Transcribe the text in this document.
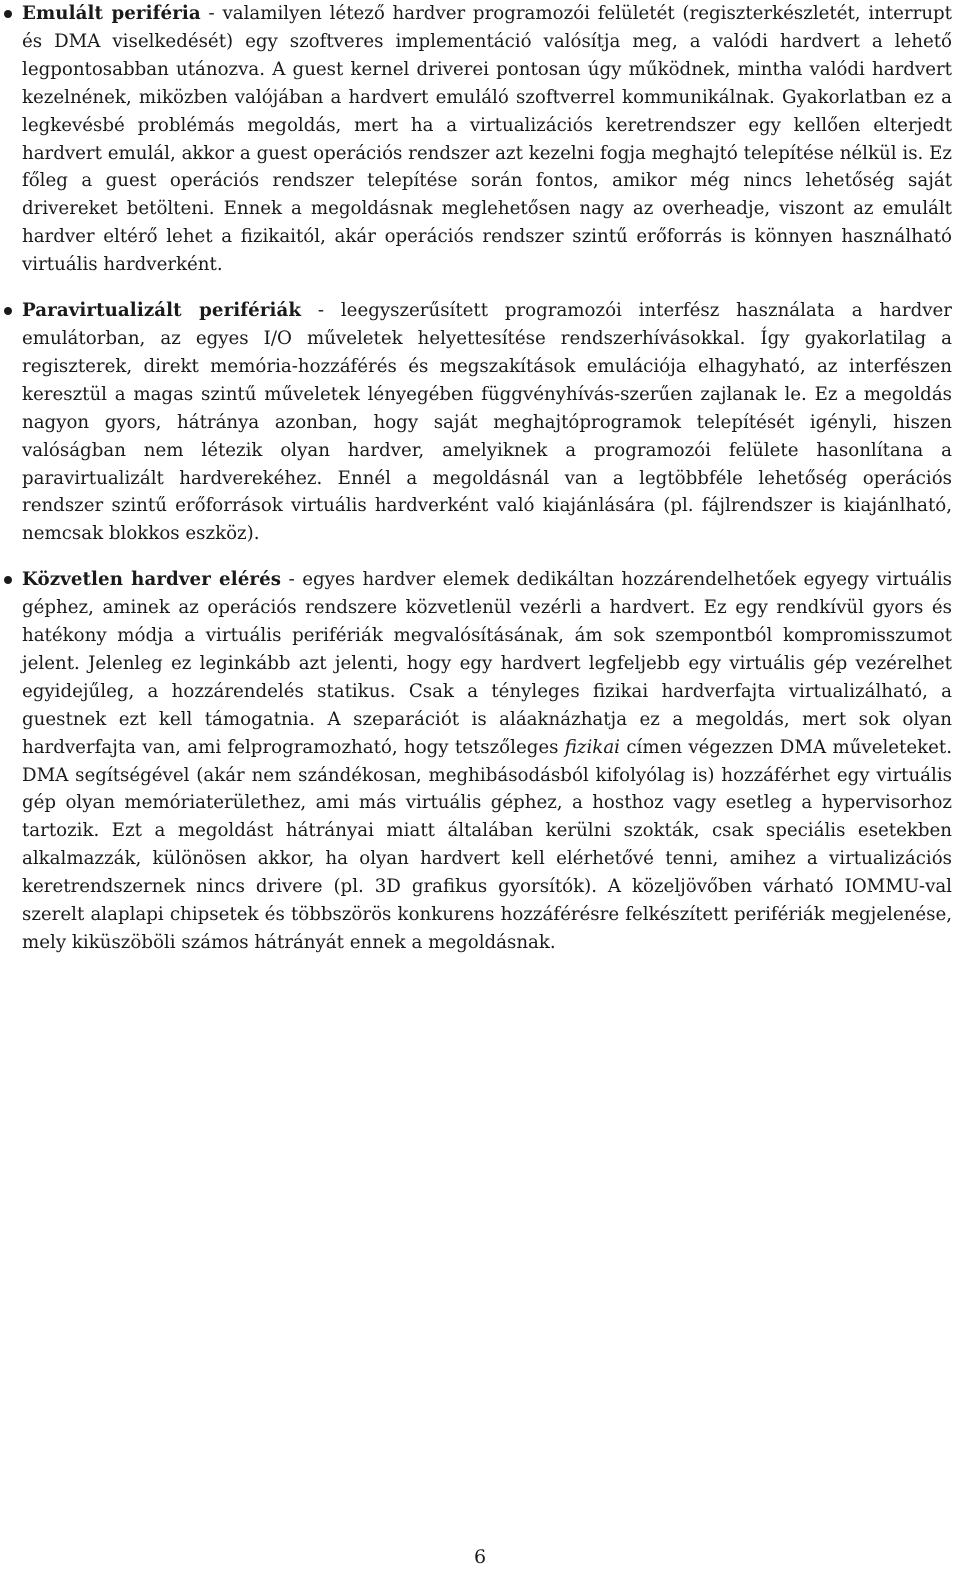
Emulált periféria - valamilyen létező hardver programozói felületét (regiszterkészletét, interrupt és DMA viselkedését) egy szoftveres implementáció valósítja meg, a valódi hardvert a lehető legpontosabban utánozva. A guest kernel driverei pontosan úgy működnek, mintha valódi hardvert kezelnének, miközben valójában a hardvert emuláló szoftverrel kommunikálnak. Gyakorlatban ez a legkevésbé problémás megoldás, mert ha a virtualizációs keretrendszer egy kellően elterjedt hardvert emulál, akkor a guest operációs rendszer azt kezelni fogja meghajtó telepítése nélkül is. Ez főleg a guest operációs rendszer telepítése során fontos, amikor még nincs lehetőség saját drivereket betölteni. Ennek a megoldásnak meglehetősen nagy az overheadje, viszont az emulált hardver eltérő lehet a fizikaitól, akár operációs rendszer szintű erőforrás is könnyen használható virtuális hardverként.

Paravirtualizált perifériák - leegyszerűsített programozói interfész használata a hardver emulátorban, az egyes I/O műveletek helyettesítése rendszerhívásokkal. Így gyakorlatilag a regiszterek, direkt memória-hozzáférés és megszakítások emulációja elhagyható, az interfészen keresztül a magas szintű műveletek lényegében függvényhívás-szerűen zajlanak le. Ez a megoldás nagyon gyors, hátránya azonban, hogy saját meghajtóprogramok telepítését igényli, hiszen valóságban nem létezik olyan hardver, amelyiknek a programozói felülete hasonlítana a paravirtualizált hardverekéhez. Ennél a megoldásnál van a legtöbbféle lehetőség operációs rendszer szintű erőforrások virtuális hardverként való kiajánlására (pl. fájlrendszer is kiajánlható, nemcsak blokkos eszköz).

Közvetlen hardver elérés - egyes hardver elemek dedikáltan hozzárendelhetőek egyegy virtuális géphez, aminek az operációs rendszere közvetlenül vezérli a hardvert. Ez egy rendkívül gyors és hatékony módja a virtuális perifériák megvalósításának, ám sok szempontból kompromisszumot jelent. Jelenleg ez leginkább azt jelenti, hogy egy hardvert legfeljebb egy virtuális gép vezérelhet egyidejűleg, a hozzárendelés statikus. Csak a tényleges fizikai hardverfajta virtualizálható, a guestnek ezt kell támogatnia. A szeparációt is aláaknázhatja ez a megoldás, mert sok olyan hardverfajta van, ami felprogramozható, hogy tetszőleges fizikai címen végezzen DMA műveleteket. DMA segítségével (akár nem szándékosan, meghibásodásból kifolyólag is) hozzáférhet egy virtuális gép olyan memóriaterülethez, ami más virtuális géphez, a hosthoz vagy esetleg a hypervisorhoz tartozik. Ezt a megoldást hátrányai miatt általában kerülni szokták, csak speciális esetekben alkalmazzák, különösen akkor, ha olyan hardvert kell elérhetővé tenni, amihez a virtualizációs keretrendszernek nincs drivere (pl. 3D grafikus gyorsítók). A közeljövőben várható IOMMU-val szerelt alaplapi chipsetek és többszörös konkurens hozzáférésre felkészített perifériák megjelenése, mely kiküszöböli számos hátrányát ennek a megoldásnak.

6
